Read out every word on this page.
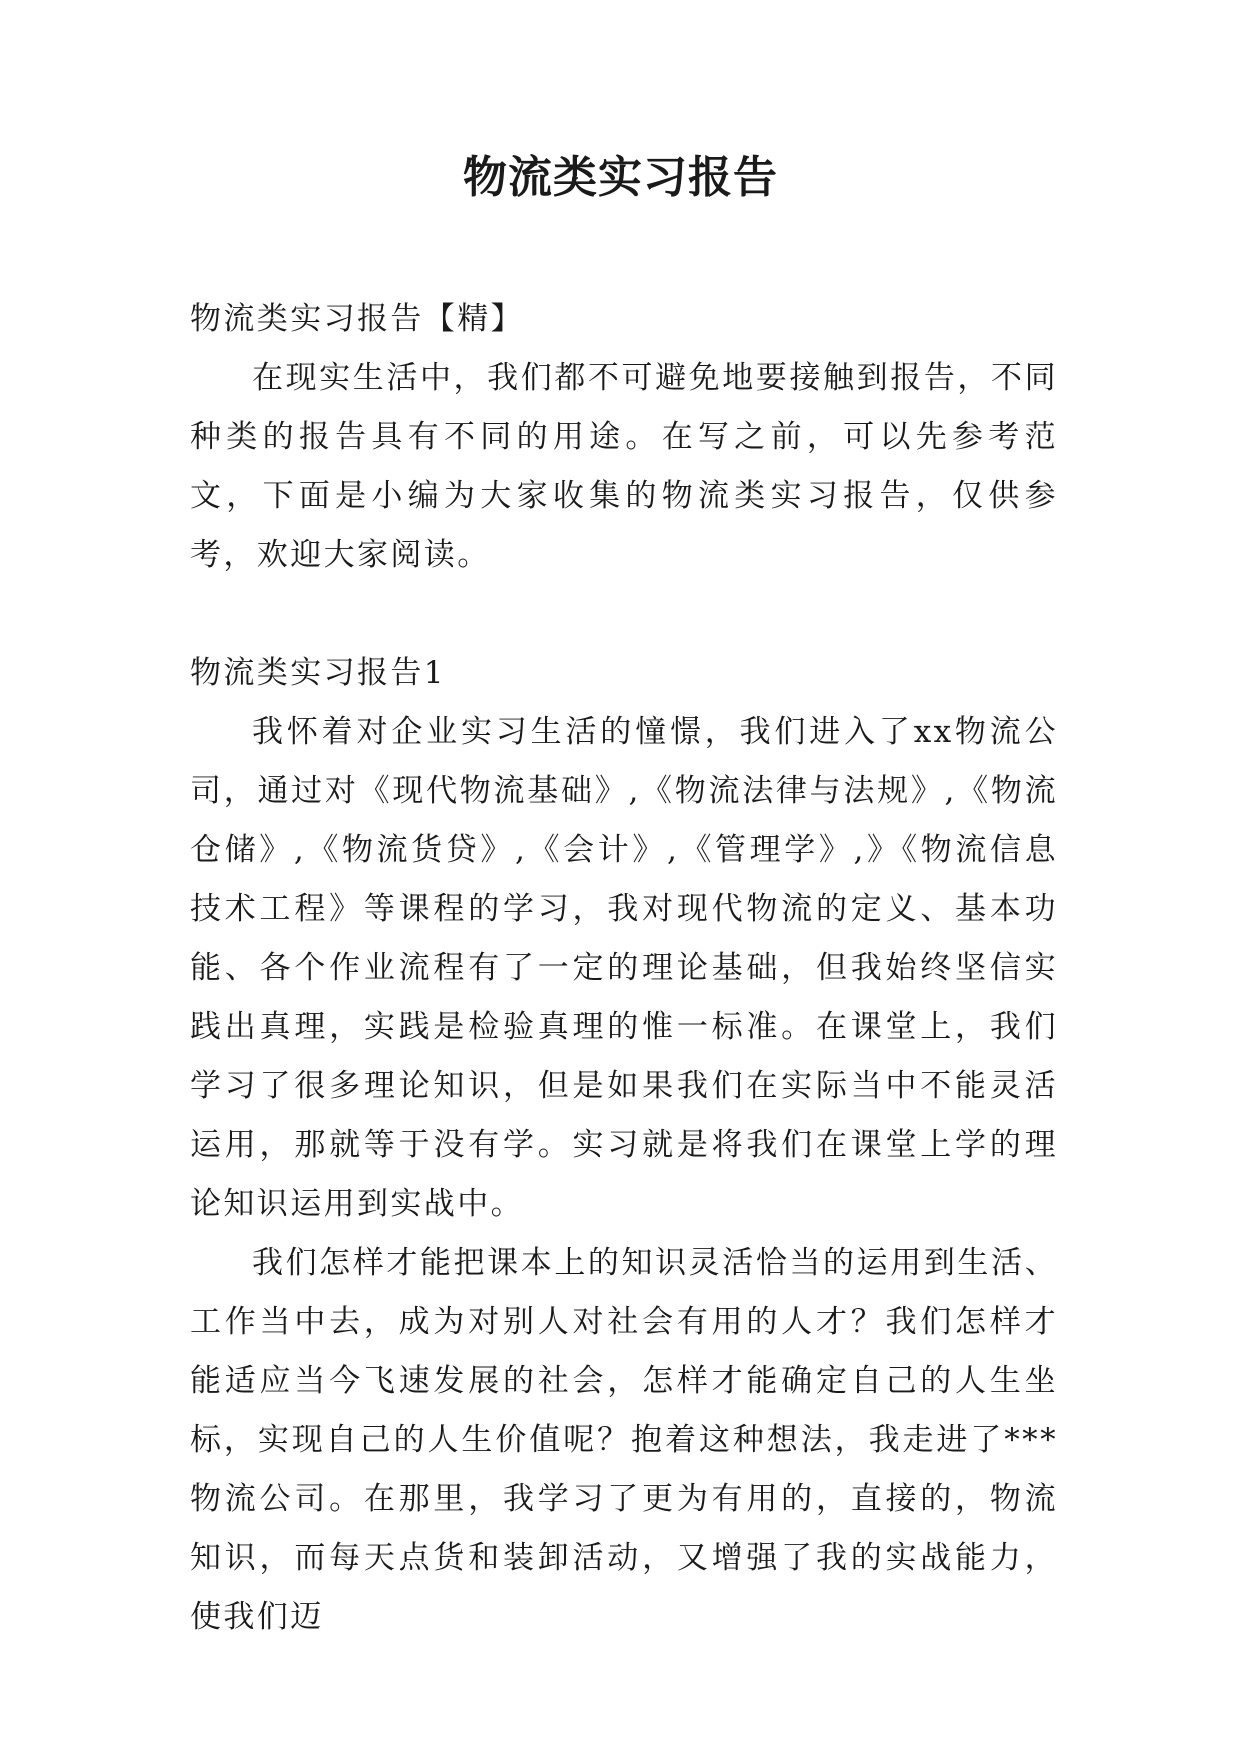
物流类实习报告

物流类实习报告【精】

在现实生活中，我们都不可避免地要接触到报告，不同种类的报告具有不同的用途。在写之前，可以先参考范文，下面是小编为大家收集的物流类实习报告，仅供参考，欢迎大家阅读。

物流类实习报告1

我怀着对企业实习生活的憧憬，我们进入了xx物流公司，通过对《现代物流基础》,《物流法律与法规》,《物流仓储》,《物流货贷》,《会计》,《管理学》,》《物流信息技术工程》等课程的学习，我对现代物流的定义、基本功能、各个作业流程有了一定的理论基础，但我始终坚信实践出真理，实践是检验真理的惟一标准。在课堂上，我们学习了很多理论知识，但是如果我们在实际当中不能灵活运用，那就等于没有学。实习就是将我们在课堂上学的理论知识运用到实战中。

我们怎样才能把课本上的知识灵活恰当的运用到生活、工作当中去，成为对别人对社会有用的人才？我们怎样才能适应当今飞速发展的社会，怎样才能确定自己的人生坐标，实现自己的人生价值呢？抱着这种想法，我走进了***物流公司。在那里，我学习了更为有用的，直接的，物流知识，而每天点货和装卸活动，又增强了我的实战能力，使我们迈
